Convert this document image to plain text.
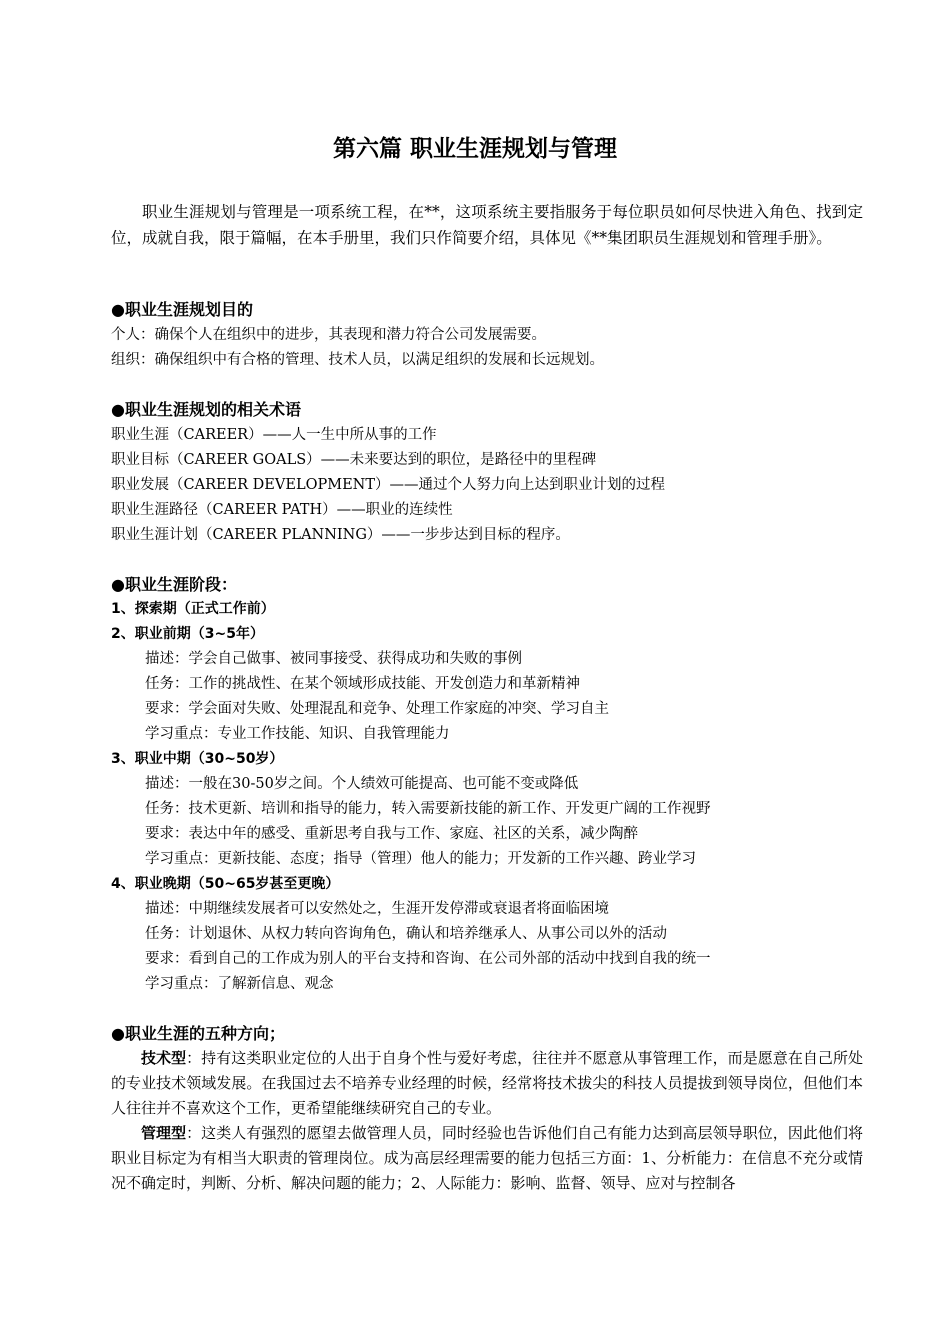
第六篇 职业生涯规划与管理

职业生涯规划与管理是一项系统工程，在**，这项系统主要指服务于每位职员如何尽快进入角色、找到定位，成就自我，限于篇幅，在本手册里，我们只作简要介绍，具体见《**集团职员生涯规划和管理手册》。

●职业生涯规划目的

个人：确保个人在组织中的进步，其表现和潜力符合公司发展需要。

组织：确保组织中有合格的管理、技术人员，以满足组织的发展和长远规划。

●职业生涯规划的相关术语

职业生涯（CAREER）——人一生中所从事的工作

职业目标（CAREER GOALS）——未来要达到的职位，是路径中的里程碑

职业发展（CAREER DEVELOPMENT）——通过个人努力向上达到职业计划的过程

职业生涯路径（CAREER PATH）——职业的连续性

职业生涯计划（CAREER PLANNING）——一步步达到目标的程序。

●职业生涯阶段：

1、探索期（正式工作前）

2、职业前期（3~5年）

描述：学会自己做事、被同事接受、获得成功和失败的事例

任务：工作的挑战性、在某个领域形成技能、开发创造力和革新精神

要求：学会面对失败、处理混乱和竞争、处理工作家庭的冲突、学习自主

学习重点：专业工作技能、知识、自我管理能力

3、职业中期（30~50岁）

描述：一般在30-50岁之间。个人绩效可能提高、也可能不变或降低

任务：技术更新、培训和指导的能力，转入需要新技能的新工作、开发更广阔的工作视野

要求：表达中年的感受、重新思考自我与工作、家庭、社区的关系，减少陶醉

学习重点：更新技能、态度；指导（管理）他人的能力；开发新的工作兴趣、跨业学习

4、职业晚期（50~65岁甚至更晚）

描述：中期继续发展者可以安然处之，生涯开发停滞或衰退者将面临困境

任务：计划退休、从权力转向咨询角色，确认和培养继承人、从事公司以外的活动

要求：看到自己的工作成为别人的平台支持和咨询、在公司外部的活动中找到自我的统一

学习重点：了解新信息、观念

●职业生涯的五种方向；

技术型：持有这类职业定位的人出于自身个性与爱好考虑，往往并不愿意从事管理工作，而是愿意在自己所处的专业技术领域发展。在我国过去不培养专业经理的时候，经常将技术拔尖的科技人员提拔到领导岗位，但他们本人往往并不喜欢这个工作，更希望能继续研究自己的专业。

管理型：这类人有强烈的愿望去做管理人员，同时经验也告诉他们自己有能力达到高层领导职位，因此他们将职业目标定为有相当大职责的管理岗位。成为高层经理需要的能力包括三方面：1、分析能力：在信息不充分或情况不确定时，判断、分析、解决问题的能力；2、人际能力：影响、监督、领导、应对与控制各
